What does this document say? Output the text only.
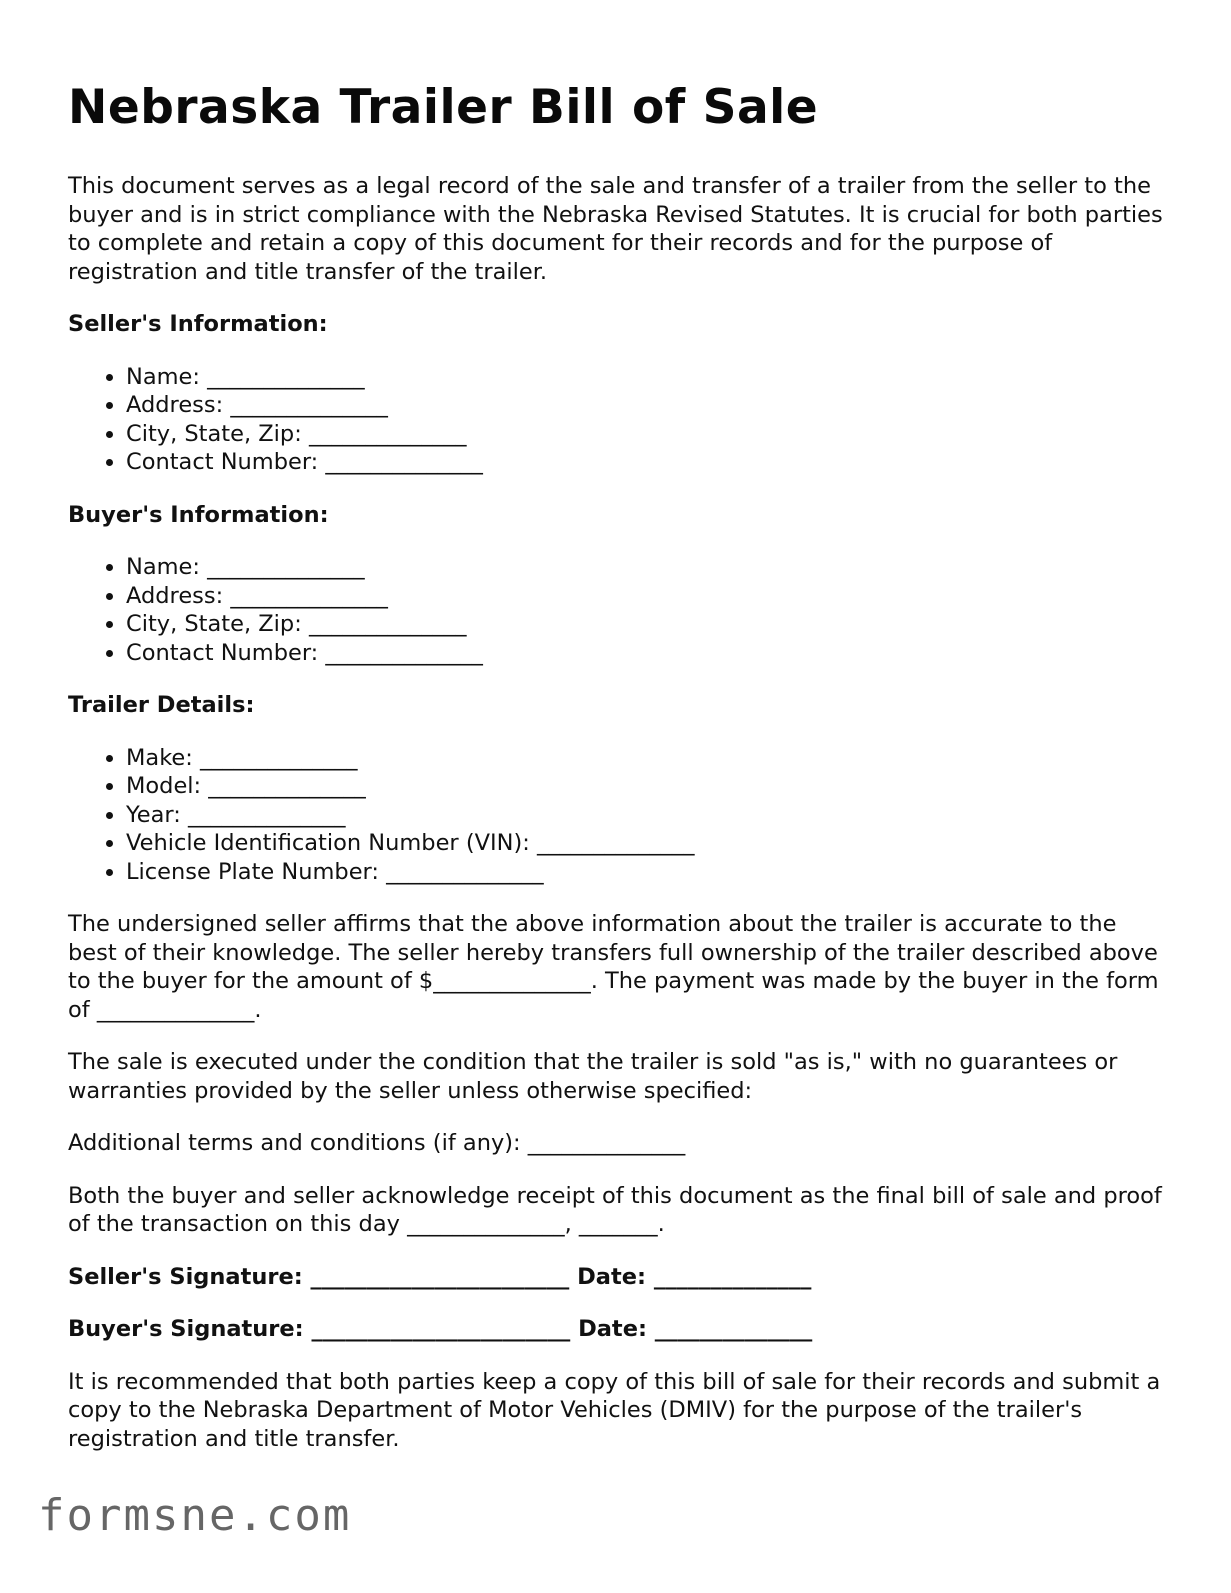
Nebraska Trailer Bill of Sale

This document serves as a legal record of the sale and transfer of a trailer from the seller to the buyer and is in strict compliance with the Nebraska Revised Statutes. It is crucial for both parties to complete and retain a copy of this document for their records and for the purpose of registration and title transfer of the trailer.

Seller's Information:
• Name: ______________
• Address: ______________
• City, State, Zip: ______________
• Contact Number: ______________
Buyer's Information:
• Name: ______________
• Address: ______________
• City, State, Zip: ______________
• Contact Number: ______________
Trailer Details:
• Make: ______________
• Model: ______________
• Year: ______________
• Vehicle Identification Number (VIN): ______________
• License Plate Number: ______________

The undersigned seller affirms that the above information about the trailer is accurate to the best of their knowledge. The seller hereby transfers full ownership of the trailer described above to the buyer for the amount of $______________. The payment was made by the buyer in the form of ______________.

The sale is executed under the condition that the trailer is sold "as is," with no guarantees or warranties provided by the seller unless otherwise specified:

Additional terms and conditions (if any): ______________

Both the buyer and seller acknowledge receipt of this document as the final bill of sale and proof of the transaction on this day ______________, _______.

Seller's Signature: _______________________ Date: ______________
Buyer's Signature: _______________________ Date: ______________

It is recommended that both parties keep a copy of this bill of sale for their records and submit a copy to the Nebraska Department of Motor Vehicles (DMIV) for the purpose of the trailer's registration and title transfer.

formsne.com
